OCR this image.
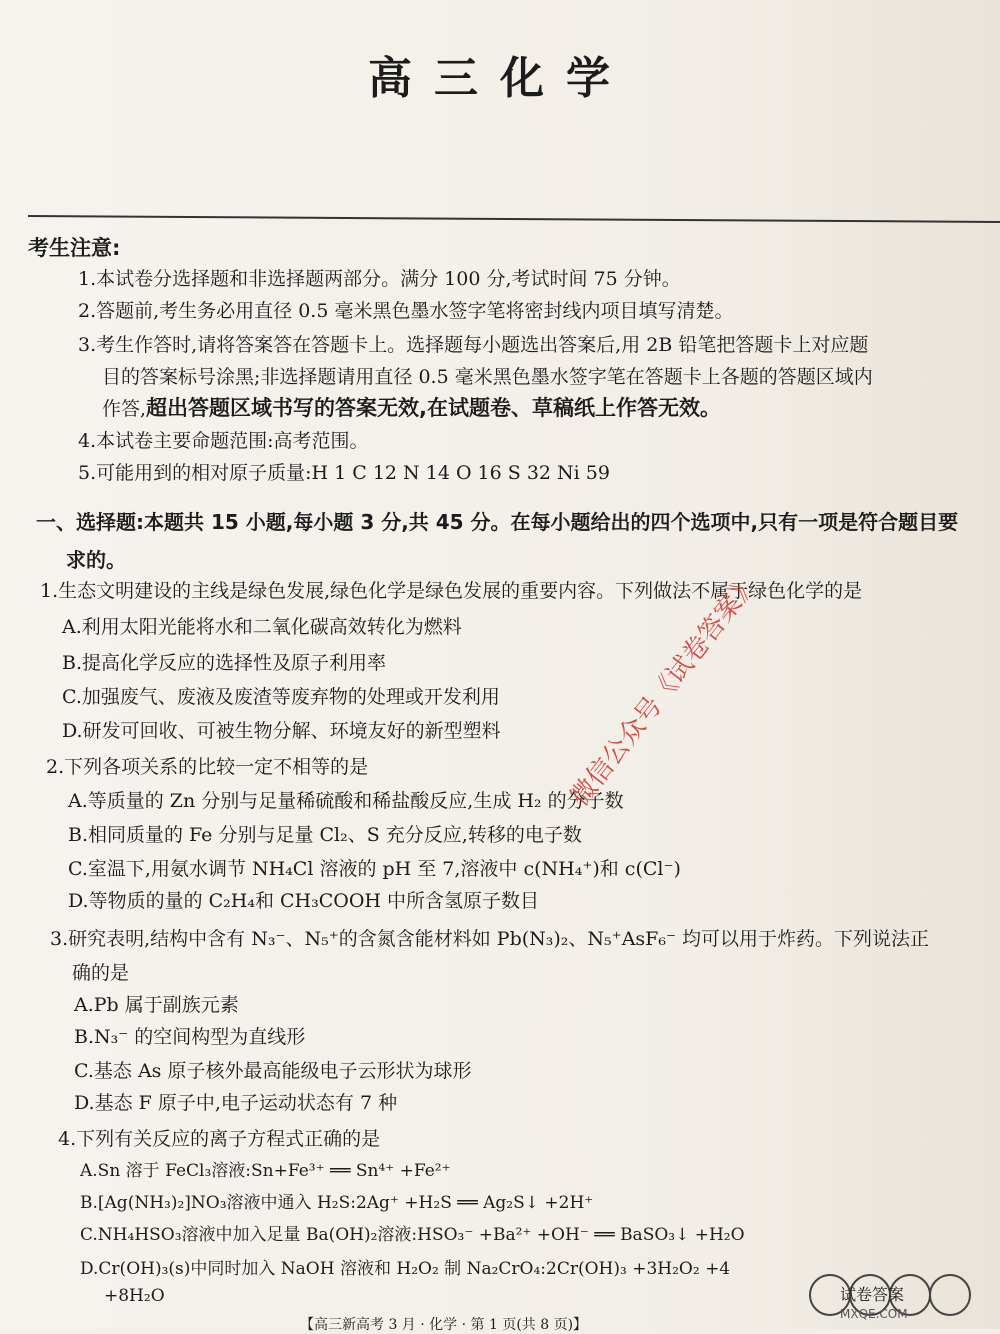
高三化学
考生注意:
1.本试卷分选择题和非选择题两部分。满分 100 分,考试时间 75 分钟。
2.答题前,考生务必用直径 0.5 毫米黑色墨水签字笔将密封线内项目填写清楚。
3.考生作答时,请将答案答在答题卡上。选择题每小题选出答案后,用 2B 铅笔把答题卡上对应题
目的答案标号涂黑;非选择题请用直径 0.5 毫米黑色墨水签字笔在答题卡上各题的答题区域内
作答,超出答题区域书写的答案无效,在试题卷、草稿纸上作答无效。
4.本试卷主要命题范围:高考范围。
5.可能用到的相对原子质量:H 1 C 12 N 14 O 16 S 32 Ni 59
一、选择题:本题共 15 小题,每小题 3 分,共 45 分。在每小题给出的四个选项中,只有一项是符合题目要
求的。
1.生态文明建设的主线是绿色发展,绿色化学是绿色发展的重要内容。下列做法不属于绿色化学的是
A.利用太阳光能将水和二氧化碳高效转化为燃料
B.提高化学反应的选择性及原子利用率
C.加强废气、废液及废渣等废弃物的处理或开发利用
D.研发可回收、可被生物分解、环境友好的新型塑料
2.下列各项关系的比较一定不相等的是
A.等质量的 Zn 分别与足量稀硫酸和稀盐酸反应,生成 H₂ 的分子数
B.相同质量的 Fe 分别与足量 Cl₂、S 充分反应,转移的电子数
C.室温下,用氨水调节 NH₄Cl 溶液的 pH 至 7,溶液中 c(NH₄⁺)和 c(Cl⁻)
D.等物质的量的 C₂H₄和 CH₃COOH 中所含氢原子数目
3.研究表明,结构中含有 N₃⁻、N₅⁺的含氮含能材料如 Pb(N₃)₂、N₅⁺AsF₆⁻ 均可以用于炸药。下列说法正
确的是
A.Pb 属于副族元素
B.N₃⁻ 的空间构型为直线形
C.基态 As 原子核外最高能级电子云形状为球形
D.基态 F 原子中,电子运动状态有 7 种
4.下列有关反应的离子方程式正确的是
A.Sn 溶于 FeCl₃溶液:Sn+Fe³⁺ ══ Sn⁴⁺ +Fe²⁺
B.[Ag(NH₃)₂]NO₃溶液中通入 H₂S:2Ag⁺ +H₂S ══ Ag₂S↓ +2H⁺
C.NH₄HSO₃溶液中加入足量 Ba(OH)₂溶液:HSO₃⁻ +Ba²⁺ +OH⁻ ══ BaSO₃↓ +H₂O
D.Cr(OH)₃(s)中同时加入 NaOH 溶液和 H₂O₂ 制 Na₂CrO₄:2Cr(OH)₃ +3H₂O₂ +4
+8H₂O
微信公众号《试卷答案》
试卷答案
MXQE.COM
【高三新高考 3 月 · 化学 · 第 1 页(共 8 页)】
